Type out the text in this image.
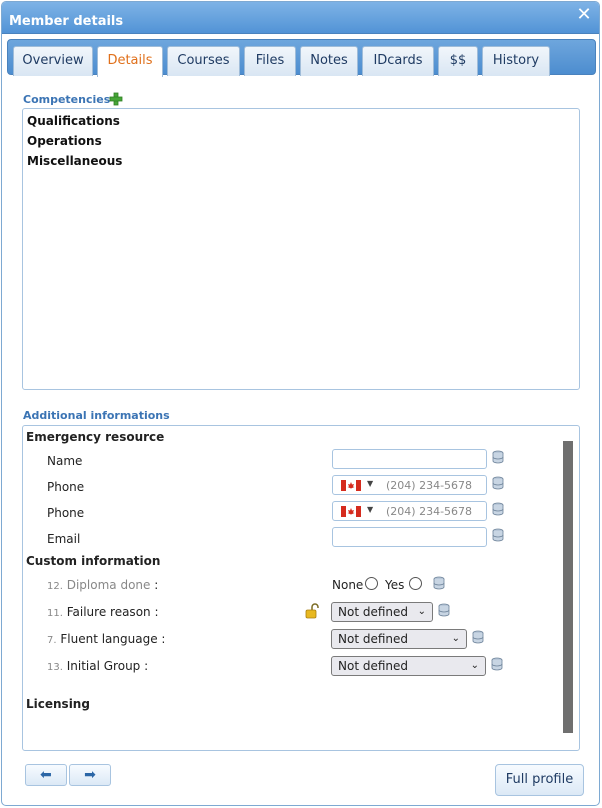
Member details	✕
Overview	Details	Courses	Files	Notes	IDcards	$$	History
Competencies
Qualifications
Operations
Miscellaneous
Additional informations
Emergency resource
Name
Phone	▼ (204) 234-5678
Phone	▼ (204) 234-5678
Email
Custom information
12. Diploma done :	None Yes
11. Failure reason :	Not defined ⌄
7. Fluent language :	Not defined	⌄
13. Initial Group :	Not defined	⌄
Licensing
➡	➡	Full profile
